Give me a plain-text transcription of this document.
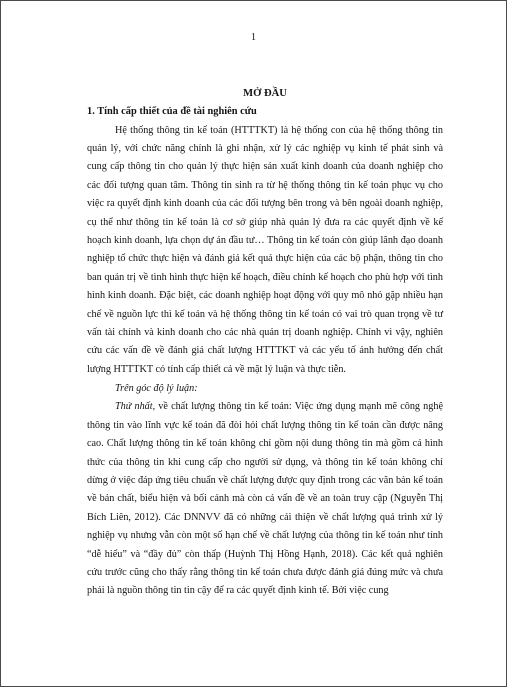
1

MỞ ĐẦU

1. Tính cấp thiết của đề tài nghiên cứu

Hệ thống thông tin kế toán (HTTTKT) là hệ thống con của hệ thống thông tin quản lý, với chức năng chính là ghi nhận, xử lý các nghiệp vụ kinh tế phát sinh và cung cấp thông tin cho quản lý thực hiện sản xuất kinh doanh của doanh nghiệp cho các đối tượng quan tâm. Thông tin sinh ra từ hệ thống thông tin kế toán phục vụ cho việc ra quyết định kinh doanh của các đối tượng bên trong và bên ngoài doanh nghiệp, cụ thể như thông tin kế toán là cơ sở giúp nhà quản lý đưa ra các quyết định về kế hoạch kinh doanh, lựa chọn dự án đầu tư… Thông tin kế toán còn giúp lãnh đạo doanh nghiệp tổ chức thực hiện và đánh giá kết quả thực hiện của các bộ phận, thông tin cho ban quản trị về tình hình thực hiện kế hoạch, điều chỉnh kế hoạch cho phù hợp với tình hình kinh doanh. Đặc biệt, các doanh nghiệp hoạt động với quy mô nhỏ gặp nhiều hạn chế về nguồn lực thì kế toán và hệ thống thông tin kế toán có vai trò quan trọng về tư vấn tài chính và kinh doanh cho các nhà quản trị doanh nghiệp. Chính vì vậy, nghiên cứu các vấn đề về đánh giá chất lượng HTTTKT và các yếu tố ảnh hưởng đến chất lượng HTTTKT có tính cấp thiết cả về mặt lý luận và thực tiễn.

Trên góc độ lý luận:

Thứ nhất, về chất lượng thông tin kế toán: Việc ứng dụng mạnh mẽ công nghệ thông tin vào lĩnh vực kế toán đã đòi hỏi chất lượng thông tin kế toán cần được nâng cao. Chất lượng thông tin kế toán không chỉ gồm nội dung thông tin mà gồm cả hình thức của thông tin khi cung cấp cho người sử dụng, và thông tin kế toán không chỉ dừng ở việc đáp ứng tiêu chuẩn về chất lượng được quy định trong các văn bản kế toán về bản chất, biểu hiện và bối cảnh mà còn cả vấn đề về an toàn truy cập (Nguyễn Thị Bích Liên, 2012). Các DNNVV đã có những cải thiện về chất lượng quá trình xử lý nghiệp vụ nhưng vẫn còn một số hạn chế về chất lượng của thông tin kế toán như tính “dễ hiểu” và “đầy đủ” còn thấp (Huỳnh Thị Hồng Hạnh, 2018). Các kết quả nghiên cứu trước cũng cho thấy rằng thông tin kế toán chưa được đánh giá đúng mức và chưa phải là nguồn thông tin tin cậy để ra các quyết định kinh tế. Bởi việc cung
